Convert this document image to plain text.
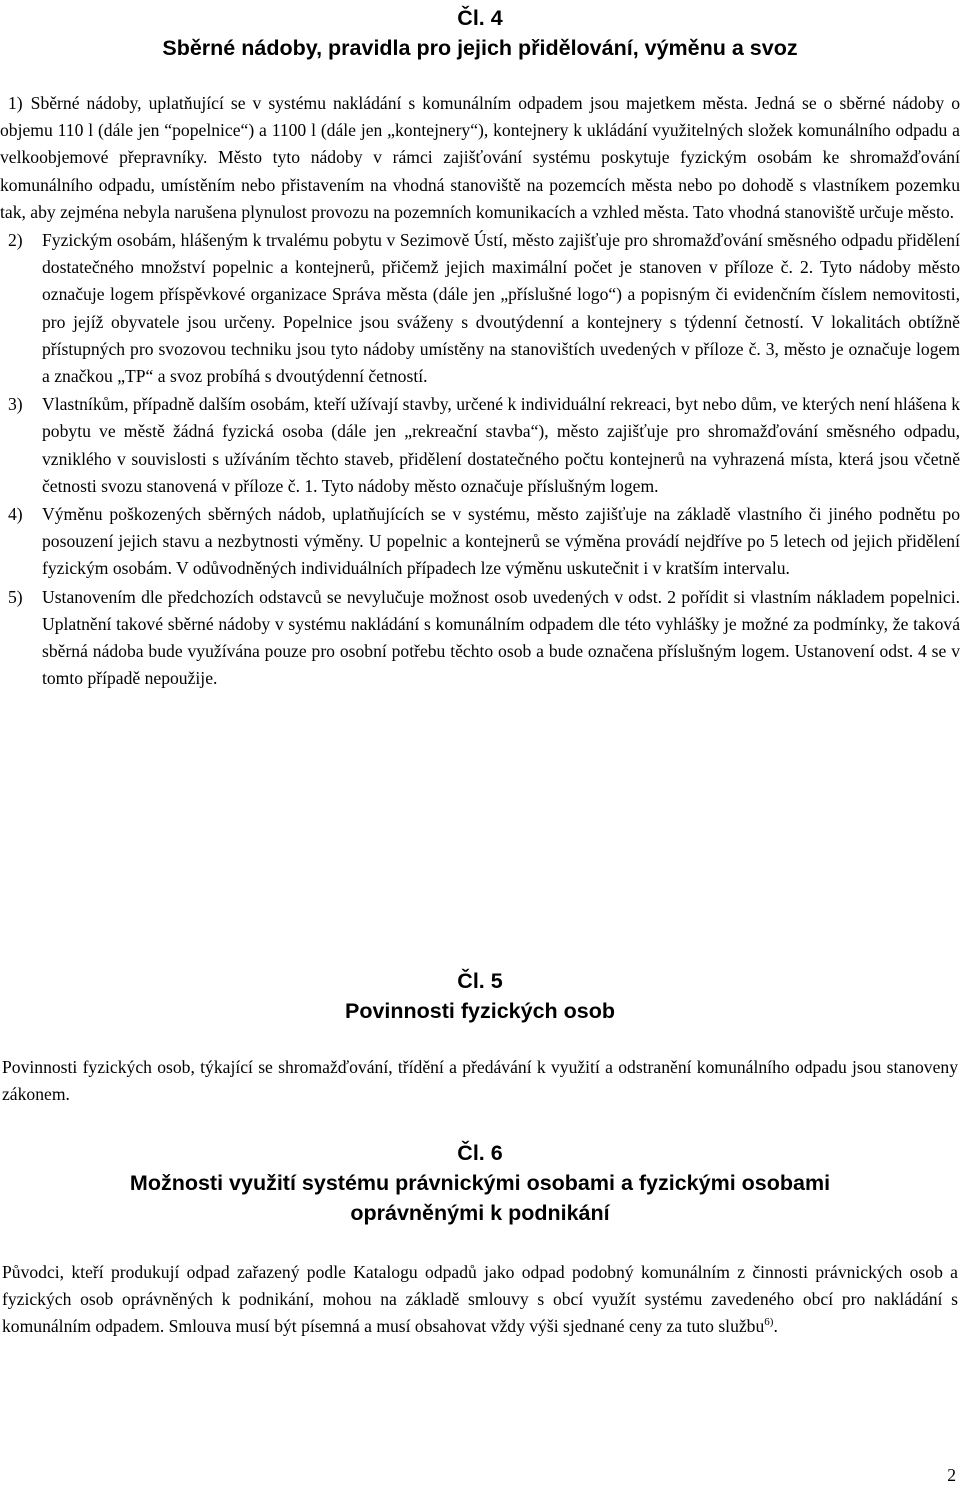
Čl. 4
Sběrné nádoby, pravidla pro jejich přidělování, výměnu a svoz
1) Sběrné nádoby, uplatňující se v systému nakládání s komunálním odpadem jsou majetkem města. Jedná se o sběrné nádoby o objemu 110 l (dále jen “popelnice“) a 1100 l (dále jen „kontejnery“), kontejnery k ukládání využitelných složek komunálního odpadu a velkoobjemové přepravníky. Město tyto nádoby v rámci zajišťování systému poskytuje fyzickým osobám ke shromažďování komunálního odpadu, umístěním nebo přistavením na vhodná stanoviště na pozemcích města nebo po dohodě s vlastníkem pozemku tak, aby zejména nebyla narušena plynulost provozu na pozemních komunikacích a vzhled města. Tato vhodná stanoviště určuje město.
2) Fyzickým osobám, hlášeným k trvalému pobytu v Sezimově Ústí, město zajišťuje pro shromažďování směsného odpadu přidělení dostatečného množství popelnic a kontejnerů, přičemž jejich maximální počet je stanoven v příloze č. 2. Tyto nádoby město označuje logem příspěvkové organizace Správa města (dále jen „příslušné logo“) a popisným či evidenčním číslem nemovitosti, pro jejíž obyvatele jsou určeny. Popelnice jsou sváženy s dvoutýdenní a kontejnery s týdenní četností. V lokalitách obtížně přístupných pro svozovou techniku jsou tyto nádoby umístěny na stanovištích uvedených v příloze č. 3, město je označuje logem a značkou „TP“ a svoz probíhá s dvoutýdenní četností.
3) Vlastníkům, případně dalším osobám, kteří užívají stavby, určené k individuální rekreaci, byt nebo dům, ve kterých není hlášena k pobytu ve městě žádná fyzická osoba (dále jen „rekreační stavba“), město zajišťuje pro shromažďování směsného odpadu, vzniklého v souvislosti s užíváním těchto staveb, přidělení dostatečného počtu kontejnerů na vyhrazená místa, která jsou včetně četnosti svozu stanovená v příloze č. 1. Tyto nádoby město označuje příslušným logem.
4) Výměnu poškozených sběrných nádob, uplatňujících se v systému, město zajišťuje na základě vlastního či jiného podnětu po posouzení jejich stavu a nezbytnosti výměny. U popelnic a kontejnerů se výměna provádí nejdříve po 5 letech od jejich přidělení fyzickým osobám. V odůvodněných individuálních případech lze výměnu uskutečnit i v kratším intervalu.
5) Ustanovením dle předchozích odstavců se nevylučuje možnost osob uvedených v odst. 2 pořídit si vlastním nákladem popelnici. Uplatnění takové sběrné nádoby v systému nakládání s komunálním odpadem dle této vyhlášky je možné za podmínky, že taková sběrná nádoba bude využívána pouze pro osobní potřebu těchto osob a bude označena příslušným logem. Ustanovení odst. 4 se v tomto případě nepoužije.
Čl. 5
Povinnosti fyzických osob

Povinnosti fyzických osob, týkající se shromažďování, třídění a předávání k využití a odstranění komunálního odpadu jsou stanoveny zákonem.

Čl. 6
Možnosti využití systému právnickými osobami a fyzickými osobami
oprávněnými k podnikání

Původci, kteří produkují odpad zařazený podle Katalogu odpadů jako odpad podobný komunálním z činnosti právnických osob a fyzických osob oprávněných k podnikání, mohou na základě smlouvy s obcí využít systému zavedeného obcí pro nakládání s komunálním odpadem. Smlouva musí být písemná a musí obsahovat vždy výši sjednané ceny za tuto službu$^{6)}$.

2
